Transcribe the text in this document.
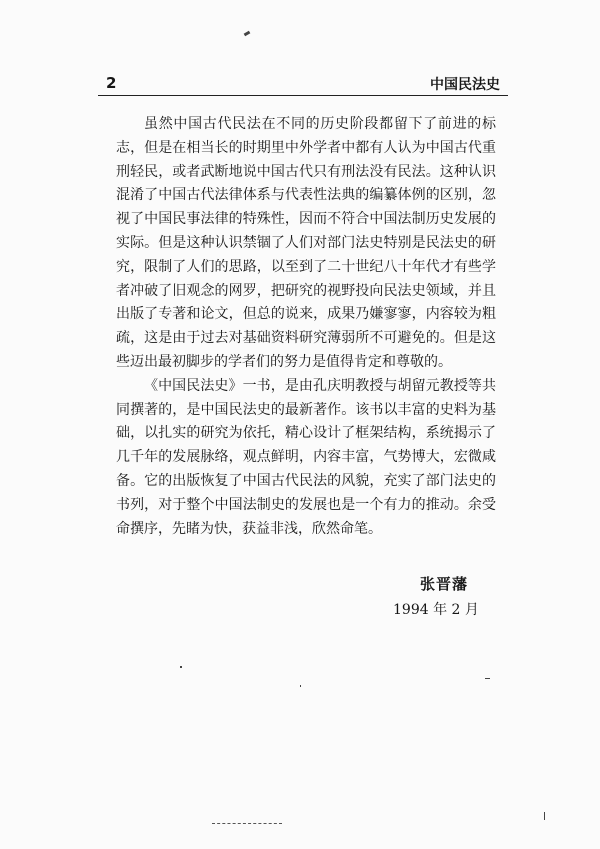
2	中国民法史

虽然中国古代民法在不同的历史阶段都留下了前进的标志，但是在相当长的时期里中外学者中都有人认为中国古代重刑轻民，或者武断地说中国古代只有刑法没有民法。这种认识混淆了中国古代法律体系与代表性法典的编纂体例的区别，忽视了中国民事法律的特殊性，因而不符合中国法制历史发展的实际。但是这种认识禁锢了人们对部门法史特别是民法史的研究，限制了人们的思路，以至到了二十世纪八十年代才有些学者冲破了旧观念的网罗，把研究的视野投向民法史领域，并且出版了专著和论文，但总的说来，成果乃嫌寥寥，内容较为粗疏，这是由于过去对基础资料研究薄弱所不可避免的。但是这些迈出最初脚步的学者们的努力是值得肯定和尊敬的。

《中国民法史》一书，是由孔庆明教授与胡留元教授等共同撰著的，是中国民法史的最新著作。该书以丰富的史料为基础，以扎实的研究为依托，精心设计了框架结构，系统揭示了几千年的发展脉络，观点鲜明，内容丰富，气势博大，宏微咸备。它的出版恢复了中国古代民法的风貌，充实了部门法史的书列，对于整个中国法制史的发展也是一个有力的推动。余受命撰序，先睹为快，获益非浅，欣然命笔。

张晋藩
1994 年 2 月
